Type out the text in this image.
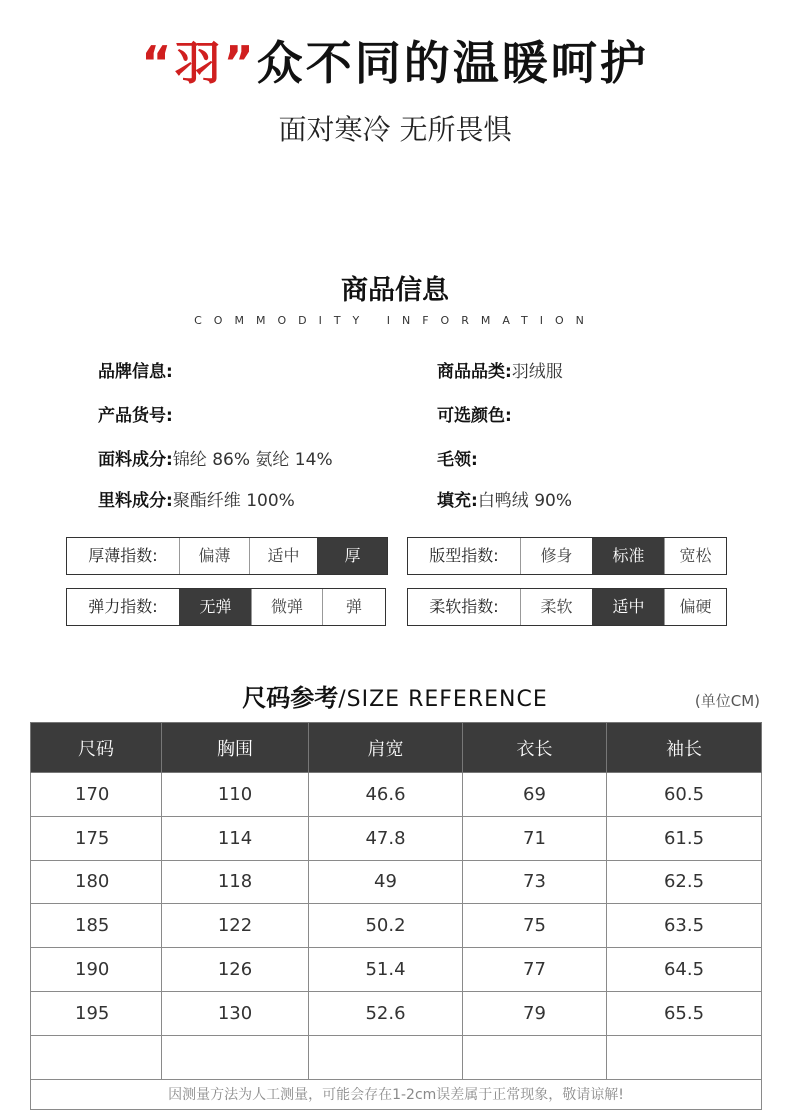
“羽”众不同的温暖呵护
面对寒冷 无所畏惧
商品信息
COMMODITY INFORMATION
品牌信息:	商品品类:羽绒服
产品货号:	可选颜色:
面料成分:锦纶 86% 氨纶 14%	毛领:
里料成分:聚酯纤维 100%	填充:白鸭绒 90%
厚薄指数:	偏薄	适中	厚	版型指数:	修身	标准	宽松
弹力指数:	无弹	微弹	弹	柔软指数:	柔软	适中	偏硬
尺码参考/SIZE REFERENCE	(单位CM)
尺码	胸围	肩宽	衣长	袖长
170	110	46.6	69	60.5
175	114	47.8	71	61.5
180	118	49	73	62.5
185	122	50.2	75	63.5
190	126	51.4	77	64.5
195	130	52.6	79	65.5

因测量方法为人工测量，可能会存在1-2cm误差属于正常现象，敬请谅解!				
